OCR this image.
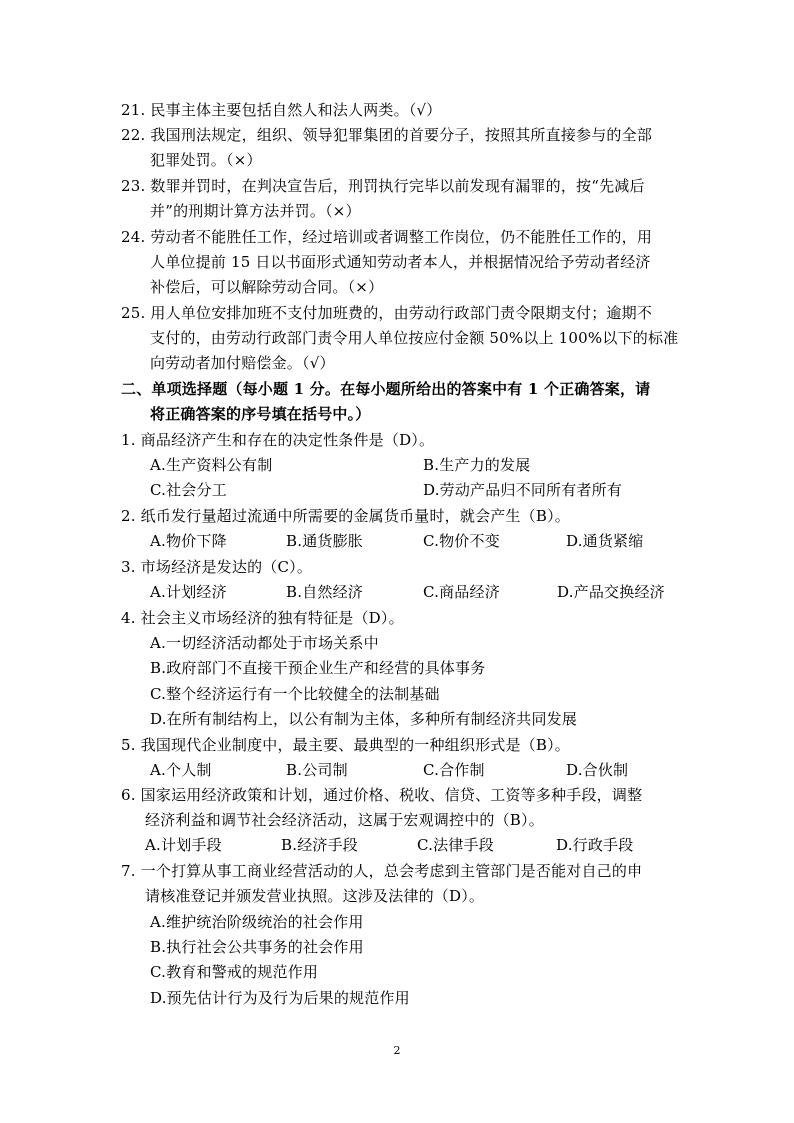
21. 民事主体主要包括自然人和法人两类。（√）
22. 我国刑法规定，组织、领导犯罪集团的首要分子，按照其所直接参与的全部
犯罪处罚。（×）
23. 数罪并罚时，在判决宣告后，刑罚执行完毕以前发现有漏罪的，按“先减后
并”的刑期计算方法并罚。（×）
24. 劳动者不能胜任工作，经过培训或者调整工作岗位，仍不能胜任工作的，用
人单位提前 15 日以书面形式通知劳动者本人，并根据情况给予劳动者经济
补偿后，可以解除劳动合同。（×）
25. 用人单位安排加班不支付加班费的，由劳动行政部门责令限期支付；逾期不
支付的，由劳动行政部门责令用人单位按应付金额 50%以上 100%以下的标准
向劳动者加付赔偿金。（√）
二、单项选择题（每小题 1 分。在每小题所给出的答案中有 1 个正确答案，请
将正确答案的序号填在括号中。）
1. 商品经济产生和存在的决定性条件是（D）。
A.生产资料公有制	B.生产力的发展
C.社会分工	D.劳动产品归不同所有者所有
2. 纸币发行量超过流通中所需要的金属货币量时，就会产生（B）。
A.物价下降	B.通货膨胀	C.物价不变	D.通货紧缩
3. 市场经济是发达的（C）。
A.计划经济	B.自然经济	C.商品经济	D.产品交换经济
4. 社会主义市场经济的独有特征是（D）。
A.一切经济活动都处于市场关系中
B.政府部门不直接干预企业生产和经营的具体事务
C.整个经济运行有一个比较健全的法制基础
D.在所有制结构上，以公有制为主体，多种所有制经济共同发展
5. 我国现代企业制度中，最主要、最典型的一种组织形式是（B）。
A.个人制	B.公司制	C.合作制	D.合伙制
6. 国家运用经济政策和计划，通过价格、税收、信贷、工资等多种手段，调整
经济利益和调节社会经济活动，这属于宏观调控中的（B）。
A.计划手段	B.经济手段	C.法律手段	D.行政手段
7. 一个打算从事工商业经营活动的人，总会考虑到主管部门是否能对自己的申
请核准登记并颁发营业执照。这涉及法律的（D）。
A.维护统治阶级统治的社会作用
B.执行社会公共事务的社会作用
C.教育和警戒的规范作用
D.预先估计行为及行为后果的规范作用
2
